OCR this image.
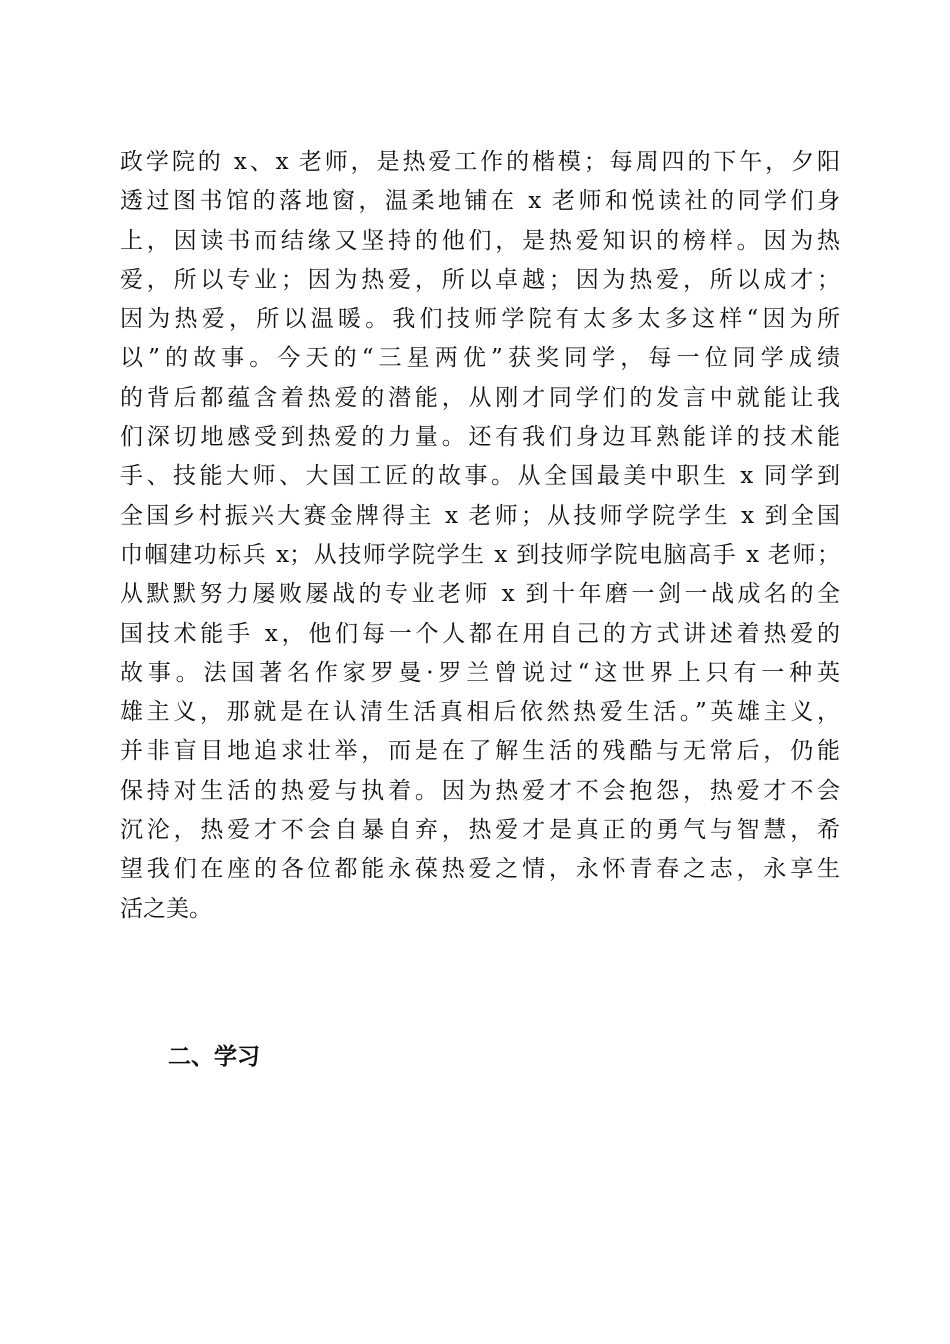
政学院的 x、x 老师，是热爱工作的楷模；每周四的下午，夕阳
透过图书馆的落地窗，温柔地铺在 x 老师和悦读社的同学们身
上，因读书而结缘又坚持的他们，是热爱知识的榜样。因为热
爱，所以专业；因为热爱，所以卓越；因为热爱，所以成才；
因为热爱，所以温暖。我们技师学院有太多太多这样“因为所
以”的故事。今天的“三星两优”获奖同学，每一位同学成绩
的背后都蕴含着热爱的潜能，从刚才同学们的发言中就能让我
们深切地感受到热爱的力量。还有我们身边耳熟能详的技术能
手、技能大师、大国工匠的故事。从全国最美中职生 x 同学到
全国乡村振兴大赛金牌得主 x 老师；从技师学院学生 x 到全国
巾帼建功标兵 x；从技师学院学生 x 到技师学院电脑高手 x 老师；
从默默努力屡败屡战的专业老师 x 到十年磨一剑一战成名的全
国技术能手 x，他们每一个人都在用自己的方式讲述着热爱的
故事。法国著名作家罗曼·罗兰曾说过“这世界上只有一种英
雄主义，那就是在认清生活真相后依然热爱生活。”英雄主义，
并非盲目地追求壮举，而是在了解生活的残酷与无常后，仍能
保持对生活的热爱与执着。因为热爱才不会抱怨，热爱才不会
沉沦，热爱才不会自暴自弃，热爱才是真正的勇气与智慧，希
望我们在座的各位都能永葆热爱之情，永怀青春之志，永享生
活之美。
二、学习
